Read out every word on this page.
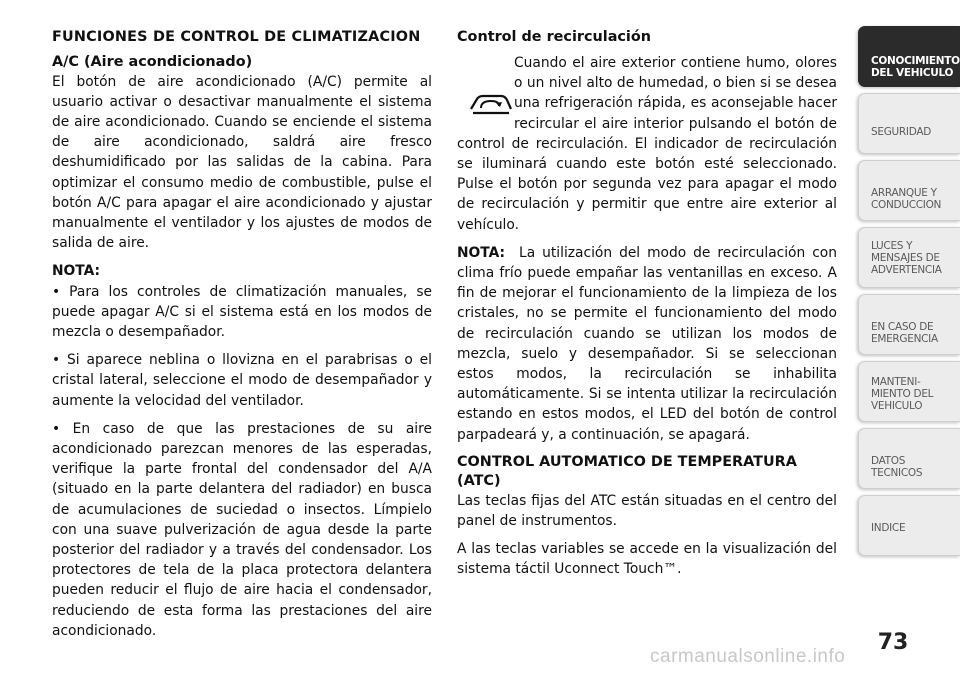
FUNCIONES DE CONTROL DE CLIMATIZACION
A/C (Aire acondicionado)

El botón de aire acondicionado (A/C) permite al usuario activar o desactivar manualmente el sistema de aire acondicionado. Cuando se enciende el sistema de aire acondicionado, saldrá aire fresco deshumidificado por las salidas de la cabina. Para optimizar el consumo medio de combustible, pulse el botón A/C para apagar el aire acondicionado y ajustar manualmente el ventilador y los ajustes de modos de salida de aire.

NOTA:

• Para los controles de climatización manuales, se puede apagar A/C si el sistema está en los modos de mezcla o desempañador.

• Si aparece neblina o llovizna en el parabrisas o el cristal lateral, seleccione el modo de desempañador y aumente la velocidad del ventilador.

• En caso de que las prestaciones de su aire acondicionado parezcan menores de las esperadas, verifique la parte frontal del condensador del A/A (situado en la parte delantera del radiador) en busca de acumulaciones de suciedad o insectos. Límpielo con una suave pulverización de agua desde la parte posterior del radiador y a través del condensador. Los protectores de tela de la placa protectora delantera pueden reducir el flujo de aire hacia el condensador, reduciendo de esta forma las prestaciones del aire acondicionado.

Control de recirculación

Cuando el aire exterior contiene humo, olores o un nivel alto de humedad, o bien si se desea una refrigeración rápida, es aconsejable hacer recircular el aire interior pulsando el botón de control de recirculación. El indicador de recirculación se iluminará cuando este botón esté seleccionado. Pulse el botón por segunda vez para apagar el modo de recirculación y permitir que entre aire exterior al vehículo.

NOTA: La utilización del modo de recirculación con clima frío puede empañar las ventanillas en exceso. A fin de mejorar el funcionamiento de la limpieza de los cristales, no se permite el funcionamiento del modo de recirculación cuando se utilizan los modos de mezcla, suelo y desempañador. Si se seleccionan estos modos, la recirculación se inhabilita automáticamente. Si se intenta utilizar la recirculación estando en estos modos, el LED del botón de control parpadeará y, a continuación, se apagará.

CONTROL AUTOMATICO DE TEMPERATURA (ATC)

Las teclas fijas del ATC están situadas en el centro del panel de instrumentos.

A las teclas variables se accede en la visualización del sistema táctil Uconnect Touch™.

CONOCIMIENTO
DEL VEHICULO
SEGURIDAD
ARRANQUE Y
CONDUCCION
LUCES Y
MENSAJES DE
ADVERTENCIA
EN CASO DE
EMERGENCIA
MANTENI-
MIENTO DEL
VEHICULO
DATOS
TECNICOS
INDICE
73
carmanualsonline.info
